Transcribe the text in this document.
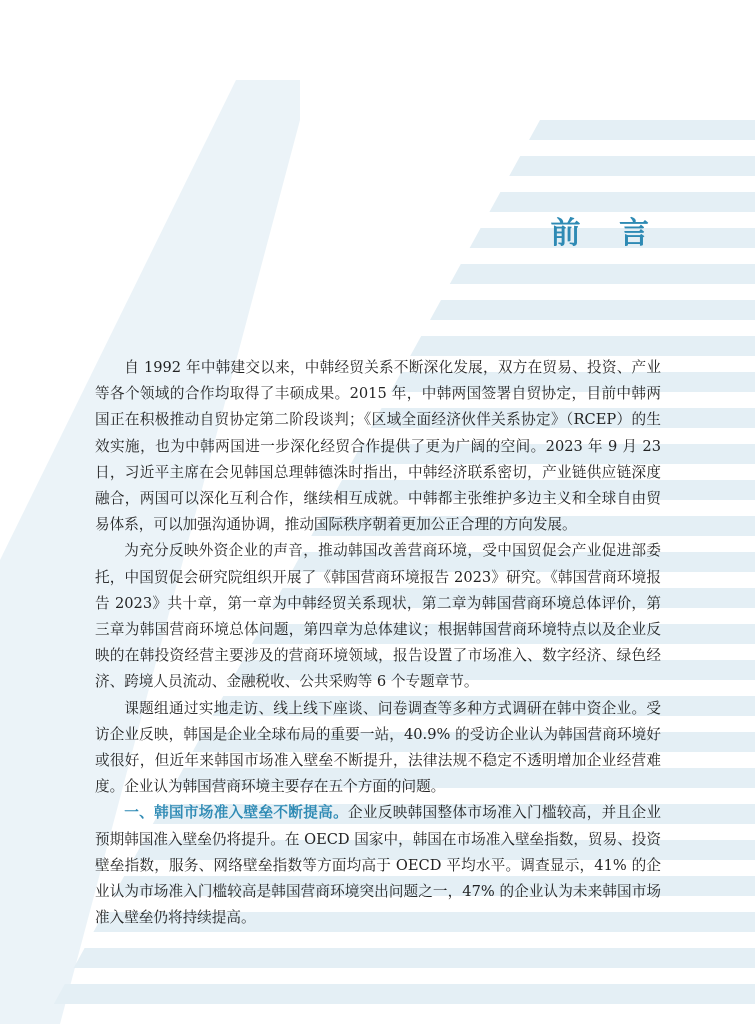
前 言

自 1992 年中韩建交以来，中韩经贸关系不断深化发展，双方在贸易、投资、产业等各个领域的合作均取得了丰硕成果。2015 年，中韩两国签署自贸协定，目前中韩两国正在积极推动自贸协定第二阶段谈判；《区域全面经济伙伴关系协定》（RCEP）的生效实施，也为中韩两国进一步深化经贸合作提供了更为广阔的空间。2023 年 9 月 23 日，习近平主席在会见韩国总理韩德洙时指出，中韩经济联系密切，产业链供应链深度融合，两国可以深化互利合作，继续相互成就。中韩都主张维护多边主义和全球自由贸易体系，可以加强沟通协调，推动国际秩序朝着更加公正合理的方向发展。

为充分反映外资企业的声音，推动韩国改善营商环境，受中国贸促会产业促进部委托，中国贸促会研究院组织开展了《韩国营商环境报告 2023》研究。《韩国营商环境报告 2023》共十章，第一章为中韩经贸关系现状，第二章为韩国营商环境总体评价，第三章为韩国营商环境总体问题，第四章为总体建议；根据韩国营商环境特点以及企业反映的在韩投资经营主要涉及的营商环境领域，报告设置了市场准入、数字经济、绿色经济、跨境人员流动、金融税收、公共采购等 6 个专题章节。

课题组通过实地走访、线上线下座谈、问卷调查等多种方式调研在韩中资企业。受访企业反映，韩国是企业全球布局的重要一站，40.9% 的受访企业认为韩国营商环境好或很好，但近年来韩国市场准入壁垒不断提升，法律法规不稳定不透明增加企业经营难度。企业认为韩国营商环境主要存在五个方面的问题。

一、韩国市场准入壁垒不断提高。企业反映韩国整体市场准入门槛较高，并且企业预期韩国准入壁垒仍将提升。在 OECD 国家中，韩国在市场准入壁垒指数，贸易、投资壁垒指数，服务、网络壁垒指数等方面均高于 OECD 平均水平。调查显示，41% 的企业认为市场准入门槛较高是韩国营商环境突出问题之一，47% 的企业认为未来韩国市场准入壁垒仍将持续提高。
